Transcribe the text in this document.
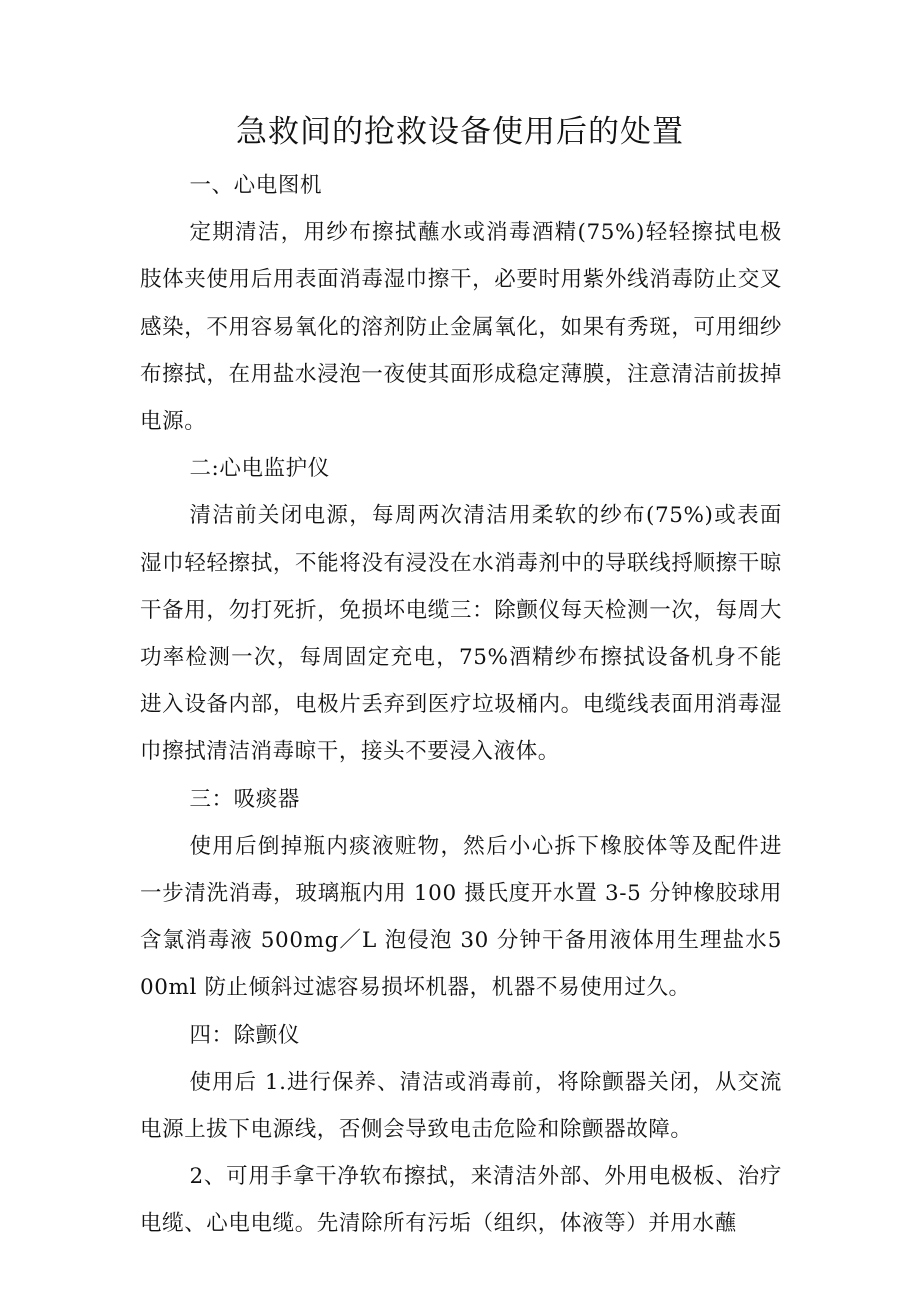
急救间的抢救设备使用后的处置

一、心电图机

定期清洁，用纱布擦拭蘸水或消毒酒精(75%)轻轻擦拭电极肢体夹使用后用表面消毒湿巾擦干，必要时用紫外线消毒防止交叉感染，不用容易氧化的溶剂防止金属氧化，如果有秀斑，可用细纱布擦拭，在用盐水浸泡一夜使其面形成稳定薄膜，注意清洁前拔掉电源。

二:心电监护仪

清洁前关闭电源，每周两次清洁用柔软的纱布(75%)或表面湿巾轻轻擦拭，不能将没有浸没在水消毒剂中的导联线捋顺擦干晾干备用，勿打死折，免损坏电缆三：除颤仪每天检测一次，每周大功率检测一次，每周固定充电，75%酒精纱布擦拭设备机身不能进入设备内部，电极片丢弃到医疗垃圾桶内。电缆线表面用消毒湿巾擦拭清洁消毒晾干，接头不要浸入液体。

三：吸痰器

使用后倒掉瓶内痰液赃物，然后小心拆下橡胶体等及配件进一步清洗消毒，玻璃瓶内用 100 摄氏度开水置 3-5 分钟橡胶球用含氯消毒液 500mg／L 泡侵泡 30 分钟干备用液体用生理盐水500ml 防止倾斜过滤容易损坏机器，机器不易使用过久。

四：除颤仪

使用后 1.进行保养、清洁或消毒前，将除颤器关闭，从交流电源上拔下电源线，否侧会导致电击危险和除颤器故障。

2、可用手拿干净软布擦拭，来清洁外部、外用电极板、治疗电缆、心电电缆。先清除所有污垢（组织，体液等）并用水蘸
